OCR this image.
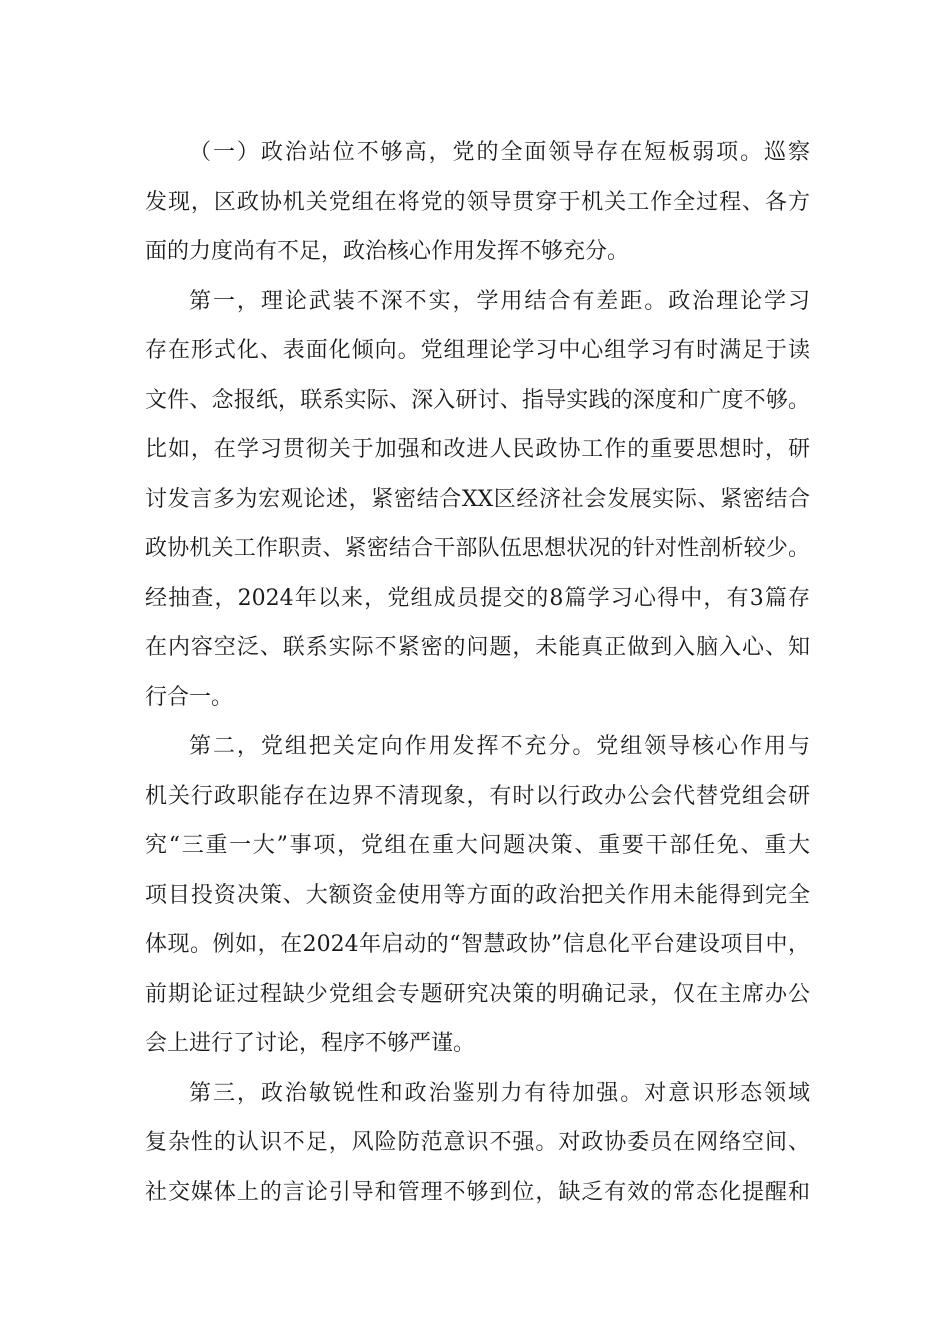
（一）政治站位不够高，党的全面领导存在短板弱项。巡察
发现，区政协机关党组在将党的领导贯穿于机关工作全过程、各方
面的力度尚有不足，政治核心作用发挥不够充分。
第一，理论武装不深不实，学用结合有差距。政治理论学习
存在形式化、表面化倾向。党组理论学习中心组学习有时满足于读
文件、念报纸，联系实际、深入研讨、指导实践的深度和广度不够。
比如，在学习贯彻关于加强和改进人民政协工作的重要思想时，研
讨发言多为宏观论述，紧密结合XX区经济社会发展实际、紧密结合
政协机关工作职责、紧密结合干部队伍思想状况的针对性剖析较少。
经抽查，2024年以来，党组成员提交的8篇学习心得中，有3篇存
在内容空泛、联系实际不紧密的问题，未能真正做到入脑入心、知
行合一。
第二，党组把关定向作用发挥不充分。党组领导核心作用与
机关行政职能存在边界不清现象，有时以行政办公会代替党组会研
究“三重一大”事项，党组在重大问题决策、重要干部任免、重大
项目投资决策、大额资金使用等方面的政治把关作用未能得到完全
体现。例如，在2024年启动的“智慧政协”信息化平台建设项目中，
前期论证过程缺少党组会专题研究决策的明确记录，仅在主席办公
会上进行了讨论，程序不够严谨。
第三，政治敏锐性和政治鉴别力有待加强。对意识形态领域
复杂性的认识不足，风险防范意识不强。对政协委员在网络空间、
社交媒体上的言论引导和管理不够到位，缺乏有效的常态化提醒和
